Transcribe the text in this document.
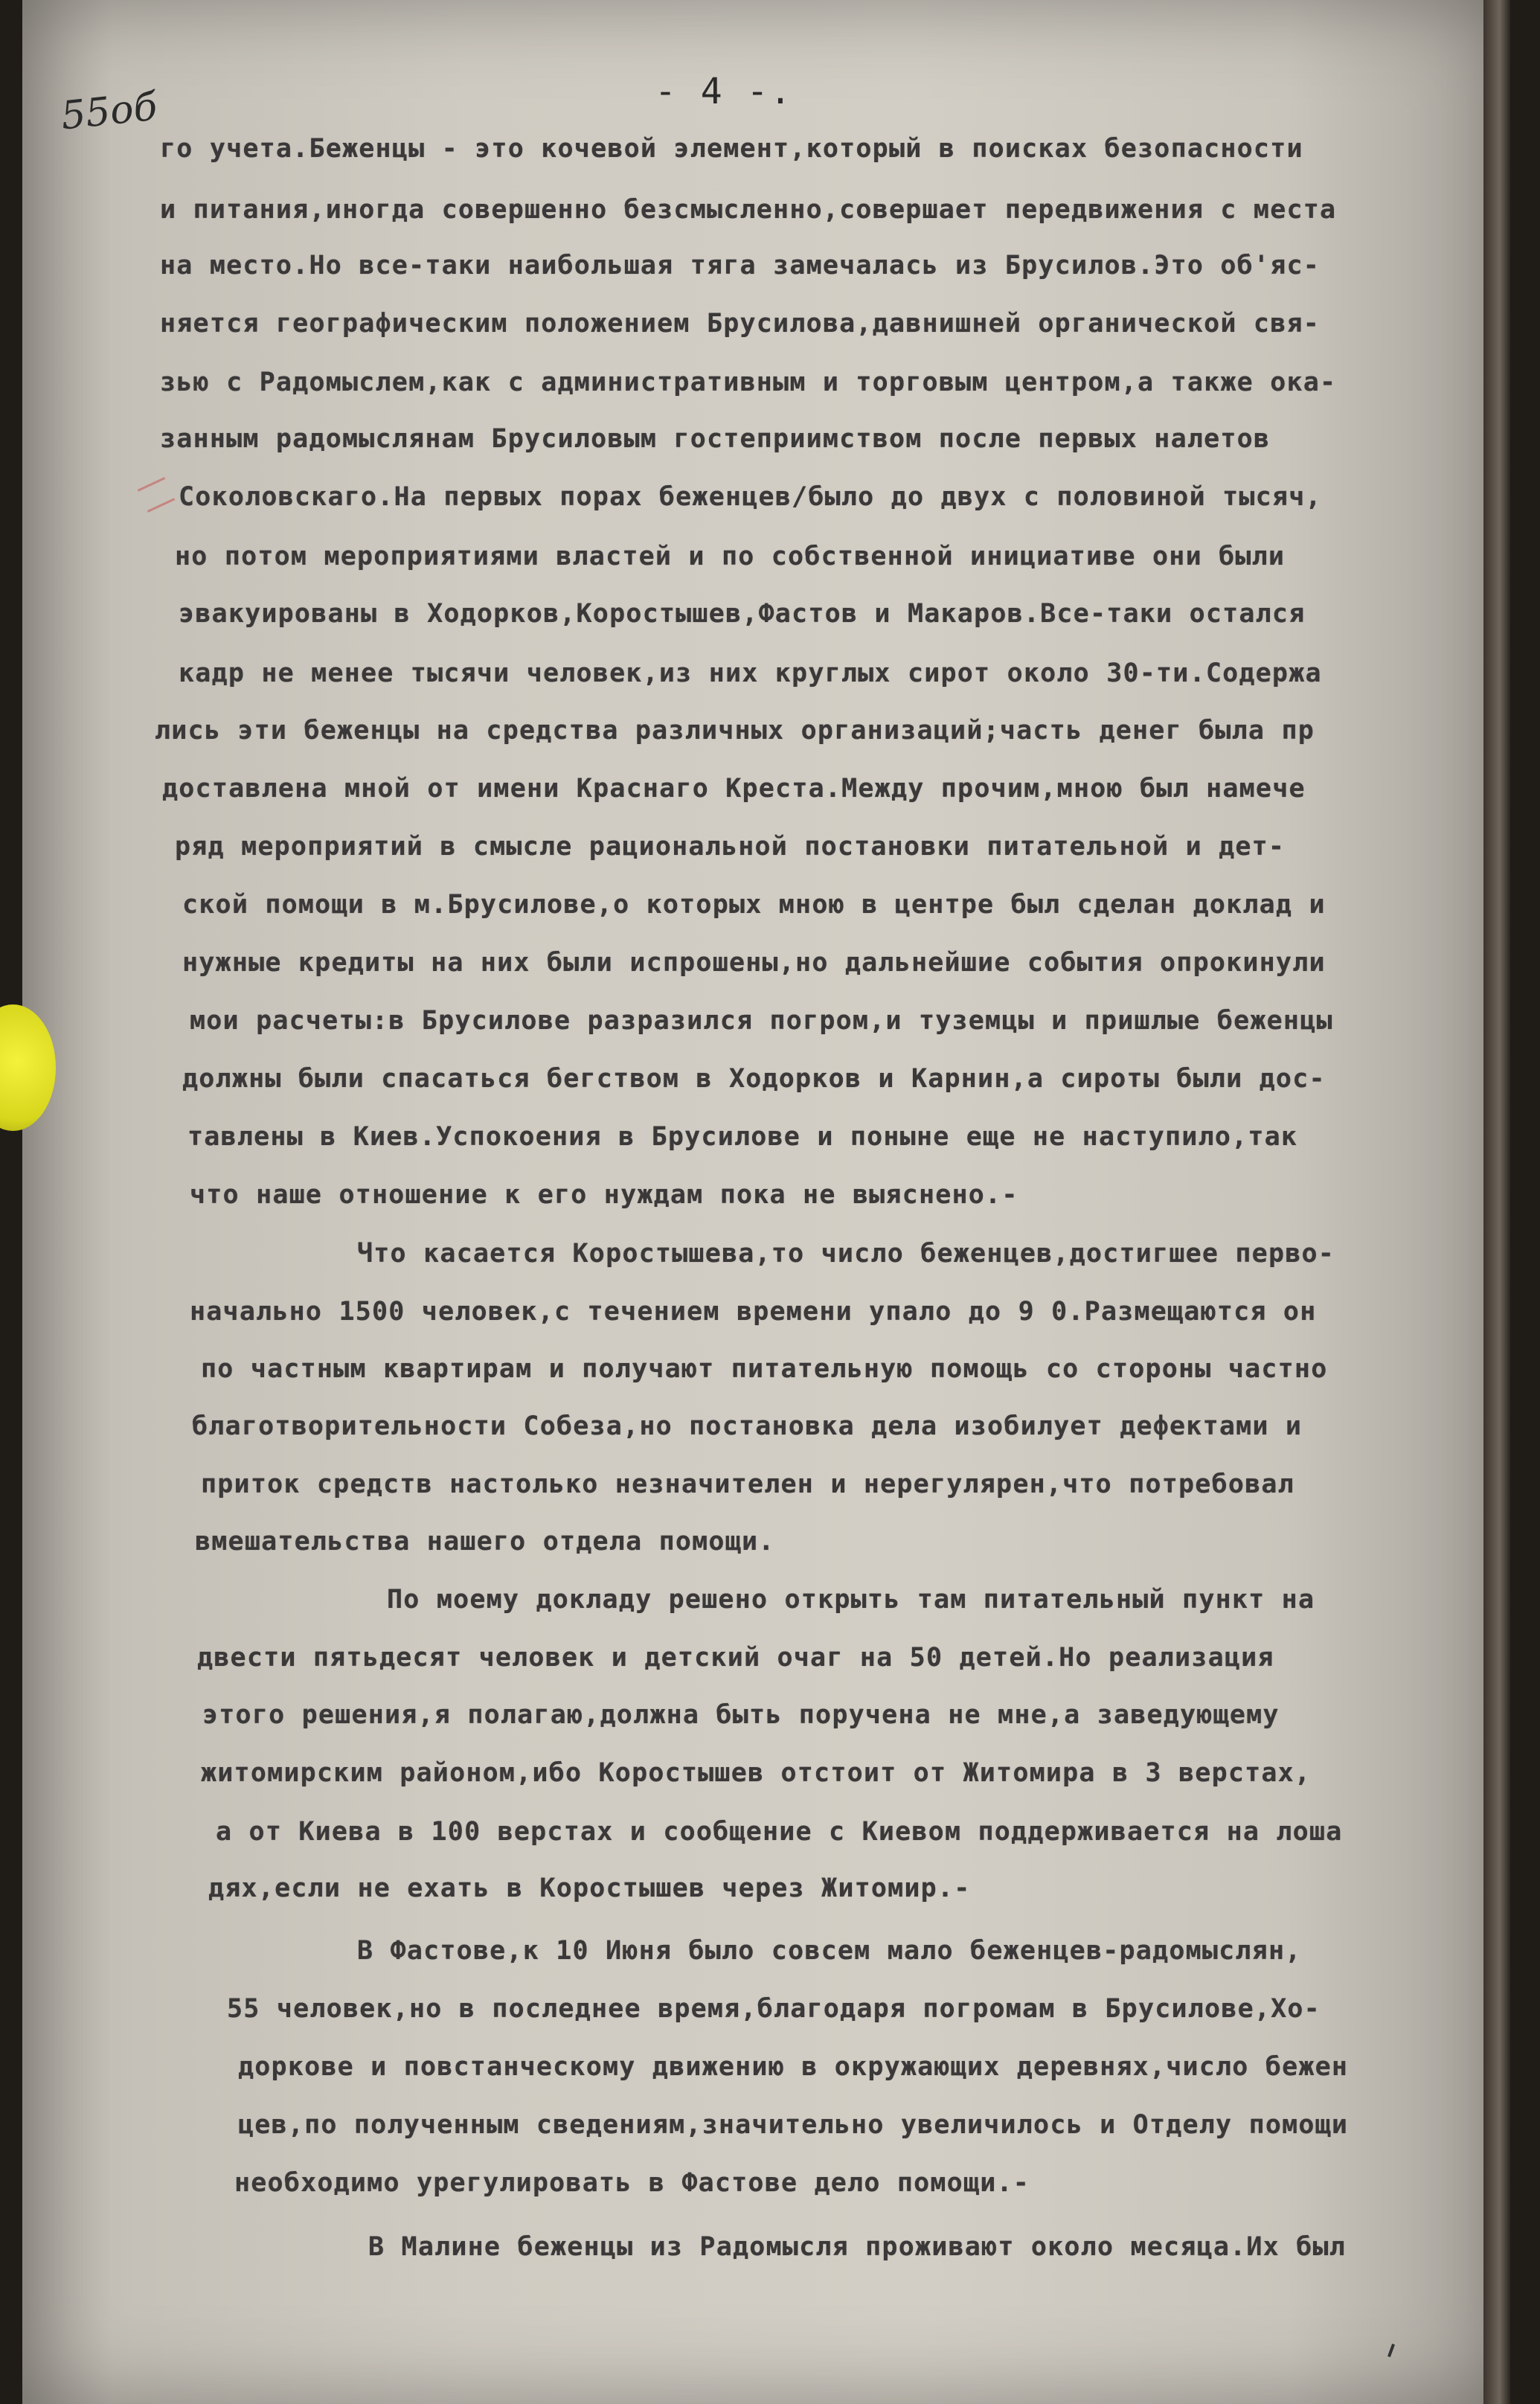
55об	- 4 -.
го учета.Беженцы - это кочевой элемент,который в поисках безопасности
и питания,иногда совершенно безсмысленно,совершает передвижения с места
на место.Но все-таки наибольшая тяга замечалась из Брусилов.Это об'яс-
няется географическим положением Брусилова,давнишней органической свя-
зью с Радомыслем,как с административным и торговым центром,а также ока-
занным радомыслянам Брусиловым гостеприимством после первых налетов
Соколовскаго.На первых порах беженцев/было до двух с половиной тысяч,
но потом мероприятиями властей и по собственной инициативе они были
эвакуированы в Ходорков,Коростышев,Фастов и Макаров.Все-таки остался
кадр не менее тысячи человек,из них круглых сирот около 30-ти.Содержа
лись эти беженцы на средства различных организаций;часть денег была пр
доставлена мной от имени Краснаго Креста.Между прочим,мною был намече
ряд мероприятий в смысле рациональной постановки питательной и дет-
ской помощи в м.Брусилове,о которых мною в центре был сделан доклад и
нужные кредиты на них были испрошены,но дальнейшие события опрокинули
мои расчеты:в Брусилове разразился погром,и туземцы и пришлые беженцы
должны были спасаться бегством в Ходорков и Карнин,а сироты были дос-
тавлены в Киев.Успокоения в Брусилове и поныне еще не наступило,так
что наше отношение к его нуждам пока не выяснено.-
Что касается Коростышева,то число беженцев,достигшее перво-
начально 1500 человек,с течением времени упало до 9 0.Размещаются он
по частным квартирам и получают питательную помощь со стороны частно
благотворительности Собеза,но постановка дела изобилует дефектами и
приток средств настолько незначителен и нерегулярен,что потребовал
вмешательства нашего отдела помощи.
По моему докладу решено открыть там питательный пункт на
двести пятьдесят человек и детский очаг на 50 детей.Но реализация
этого решения,я полагаю,должна быть поручена не мне,а заведующему
житомирским районом,ибо Коростышев отстоит от Житомира в 3 верстах,
а от Киева в 100 верстах и сообщение с Киевом поддерживается на лоша
дях,если не ехать в Коростышев через Житомир.-
В Фастове,к 10 Июня было совсем мало беженцев-радомыслян,
55 человек,но в последнее время,благодаря погромам в Брусилове,Хо-
доркове и повстанческому движению в окружающих деревнях,число бежен
цев,по полученным сведениям,значительно увеличилось и Отделу помощи
необходимо урегулировать в Фастове дело помощи.-
В Малине беженцы из Радомысля проживают около месяца.Их был
